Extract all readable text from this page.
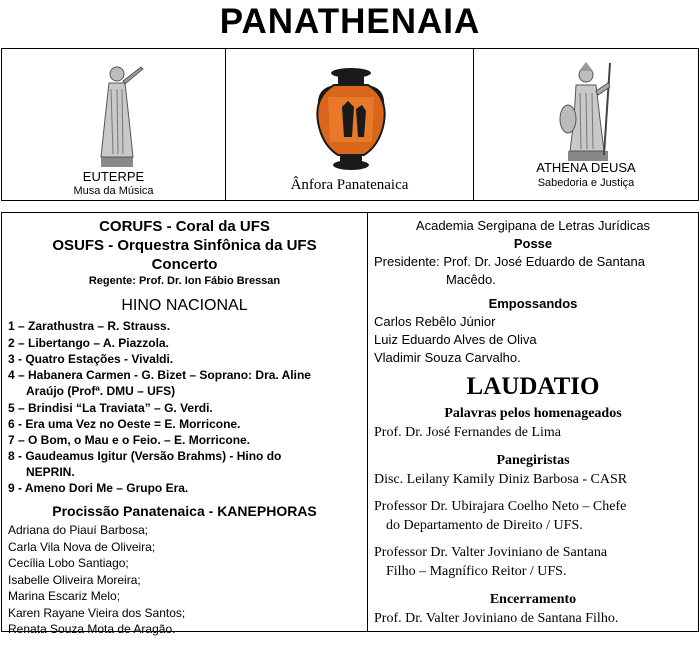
PANATHENAIA
EUTERPE
Musa da Música	Ânfora Panatenaica
ATHENA DEUSA
Sabedoria e Justiça
CORUFS - Coral da UFS
OSUFS - Orquestra Sinfônica da UFS
Concerto
Regente: Prof. Dr. Ion Fábio Bressan
HINO NACIONAL
1 – Zarathustra – R. Strauss.
2 – Libertango – A. Piazzola.
3 - Quatro Estações - Vivaldi.
4 – Habanera Carmen - G. Bizet – Soprano: Dra. Aline
Araújo (Profª. DMU – UFS)
5 – Brindisi “La Traviata” – G. Verdi.
6 - Era uma Vez no Oeste = E. Morricone.
7 – O Bom, o Mau e o Feio. – E. Morricone.
8 - Gaudeamus Igitur (Versão Brahms) - Hino do
NEPRIN.
9 - Ameno Dori Me – Grupo Era.
Procissão Panatenaica - KANEPHORAS
Adriana do Piauí Barbosa;
Carla Vila Nova de Oliveira;
Cecília Lobo Santiago;
Isabelle Oliveira Moreira;
Marina Escariz Melo;
Karen Rayane Vieira dos Santos;
Renata Souza Mota de Aragão.
Academia Sergipana de Letras Jurídicas
Posse
Presidente: Prof. Dr. José Eduardo de Santana
Macêdo.
Empossandos
Carlos Rebêlo Júnior
Luiz Eduardo Alves de Oliva
Vladimir Souza Carvalho.
LAUDATIO
Palavras pelos homenageados
Prof. Dr. José Fernandes de Lima
Panegiristas
Disc. Leilany Kamily Diniz Barbosa - CASR
Professor Dr. Ubirajara Coelho Neto – Chefe
do Departamento de Direito / UFS.
Professor Dr. Valter Joviniano de Santana
Filho – Magnífico Reitor / UFS.
Encerramento
Prof. Dr. Valter Joviniano de Santana Filho.
